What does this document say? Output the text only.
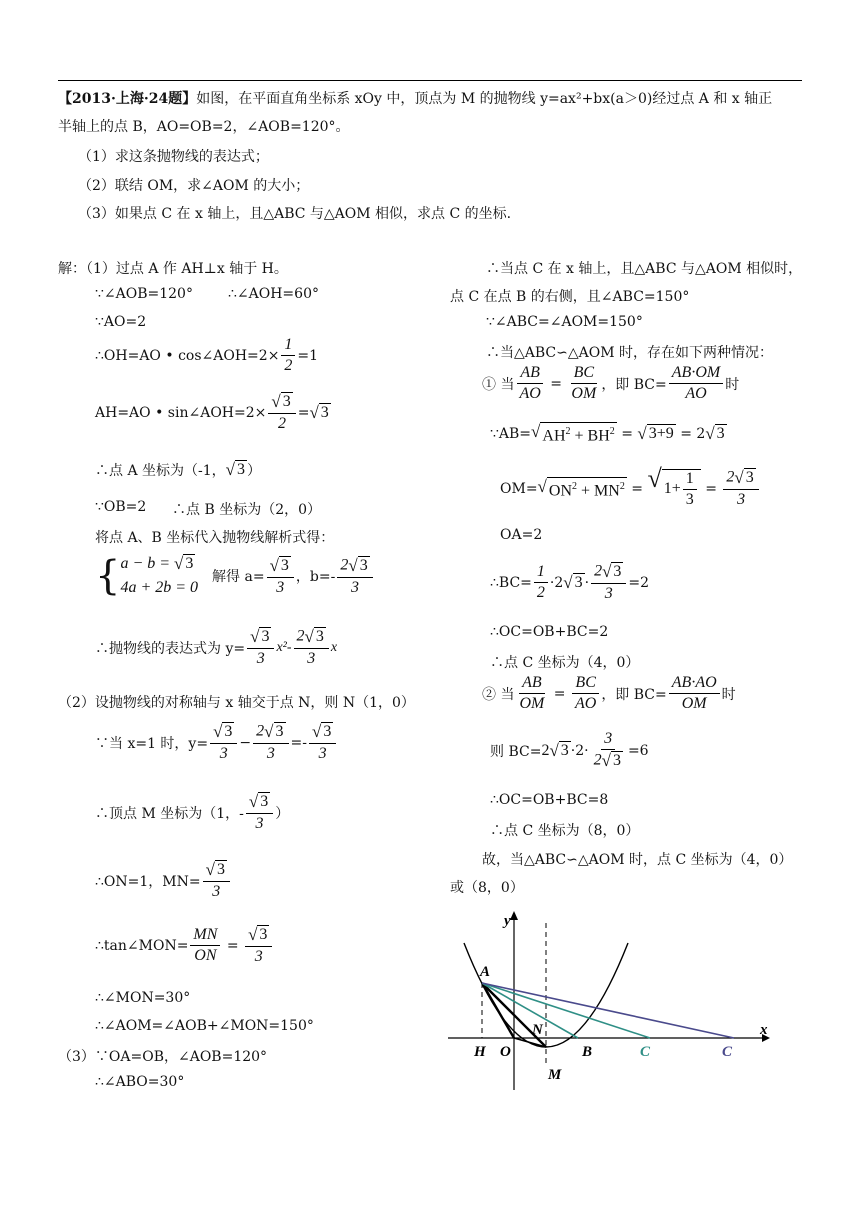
【2013·上海·24题】如图，在平面直角坐标系 xOy 中，顶点为 M 的抛物线 y=ax²+bx(a＞0)经过点 A 和 x 轴正
半轴上的点 B，AO=OB=2，∠AOB=120°。
（1）求这条抛物线的表达式；
（2）联结 OM，求∠AOM 的大小；
（3）如果点 C 在 x 轴上，且△ABC 与△AOM 相似，求点 C 的坐标.
解：（1）过点 A 作 AH⊥x 轴于 H。
∵∠AOB=120°	∴∠AOH=60°
∵AO=2
∴OH=AO • cos∠AOH=2× $\frac{1}{2} =1$
AH=AO • sin∠AOH=2× $\frac{√ 3}{2}$ = √ 3
∴点 A 坐标为（-1， √ 3 ）
∵OB=2 ∴点 B 坐标为（2，0）
将点 A、B 坐标代入抛物线解析式得：
{ a − b =
√ 3
4a + 2b = 0
解得 $a= \frac{√ 3}{3}$ ，$b=- \frac{2 √ 3}{3}$
∴抛物线的表达式为 $y= \frac{√ 3}{3} x^2- \frac{2 √ 3}{3}$ x
（2）设抛物线的对称轴与 x 轴交于点 N，则 N（1，0）
∵当 x=1 时，$y= \frac{√ 3}{3} - \frac{2 √ 3}{3} =- \frac{√ 3}{3}$
∴顶点 M 坐标为（1，- $\frac{√ 3}{3}$ ）
∴ON=1，$MN= \frac{√ 3}{3}$
∴tan∠MON= $\frac{MN}{ON} = \frac{√ 3}{3}$
∴∠MON=30°
∴∠AOM=∠AOB+∠MON=150°
（3）∵OA=OB，∠AOB=120°
∴∠ABO=30°
∴当点 C 在 x 轴上，且△ABC 与△AOM 相似时，
点 C 在点 B 的右侧，且∠ABC=150°
∵∠ABC=∠AOM=150°
∴当△ABC∽△AOM 时，存在如下两种情况：
① 当 $\frac{AB}{AO} = \frac{BC}{OM}$ ，即 $BC= \frac{AB\cdot OM}{AO}$ 时
∵AB= √ $AH^2 + BH^2$ = √ 3+9 = 2 √ 3
OM= √ $ON^2 + MN^2$ = √ $1+ \frac{1}{3} = \frac{2 √ 3}{3}$
OA=2
∴BC= $\frac{1}{2} \cdot 2$ √ $3 \cdot \frac{2 √ 3}{3} =2$
∴OC=OB+BC=2
∴点 C 坐标为（4，0）
② 当 $\frac{AB}{OM} = \frac{BC}{AO}$ ，即 $BC= \frac{AB\cdot AO}{OM}$ 时
则 BC= 2 √ $3 \cdot 2\cdot \frac{3}{2 √ 3} =6$
∴OC=OB+BC=8
∴点 C 坐标为（8，0）
故，当△ABC∽△AOM 时，点 C 坐标为（4，0）
或（8，0）
y
x
A
H O
N
B	C	C
M
